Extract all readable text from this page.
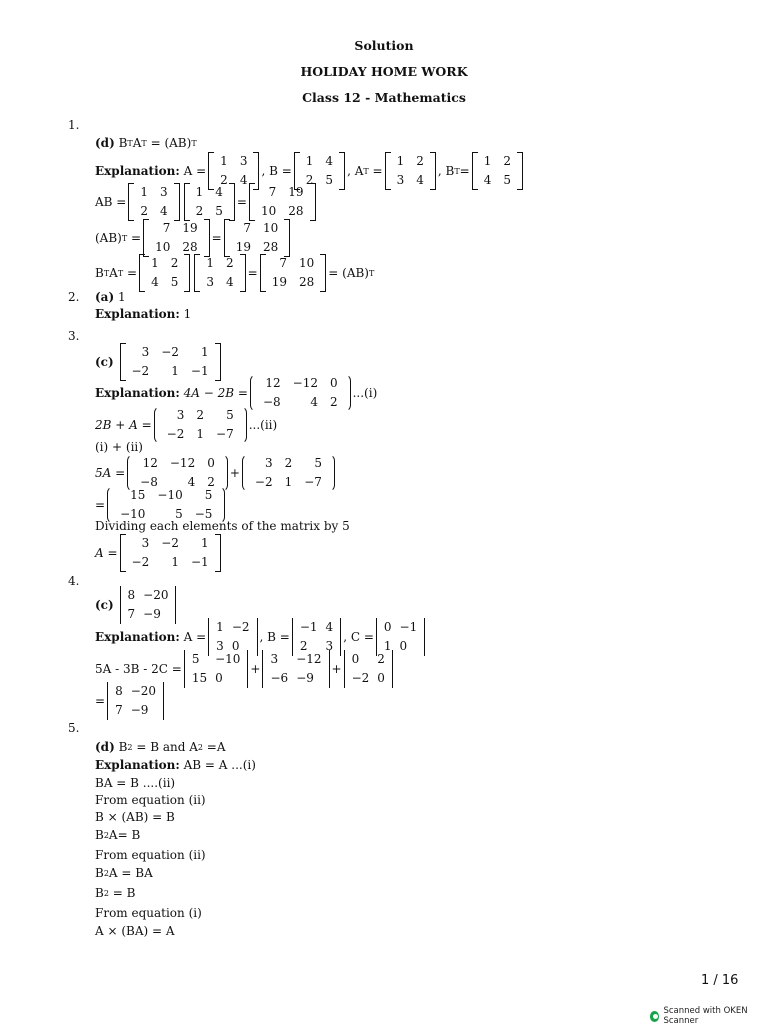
Solution
HOLIDAY HOME WORK
Class 12 - Mathematics
1.
(d)
B T A T
= (AB) T
Explanation:
A =
1	3
2	4
, B =
1	4
2	5
, A T
=
1	2
3	4
, B T =
1	2
4	5
AB =
1	3
2	4
1	4
2	5
=
7	19
10	28
(AB) T
=
7	19
10	28
=
7	10
19	28
B T A T
=
1	2
4	5
1	2
3	4
=
7	10
19	28
= (AB) T
2. (a)
1
Explanation:
1
3.
(c)

3	−2	1
−2	1	−1
Explanation:
4A − 2B =
12	−12	0
−8	4	2
...(i)
2B + A =
3	2	5
−2	1	−7
...(ii)
(i) + (ii)
5A =
12	−12	0
−8	4	2
+
3	2	5
−2	1	−7
=
15	−10	5
−10	5	−5
Dividing each elements of the matrix by 5
A =
3	−2	1
−2	1	−1
4.
(c)

8	−20
7	−9
Explanation:
A =
1	−2
3	0
, B =
−1	4
2	3
, C =
0	−1
1	0
5A - 3B - 2C =
5	−10
15	0
+
3	−12
−6	−9
+
0	2
−2	0
=
8	−20
7	−9
5.
(d)
B 2
= B and A 2
=A
Explanation:
AB = A ...(i)
BA = B ....(ii)
From equation (ii)
B × (AB) = B
B 2 A= B
From equation (ii)
B 2 A = BA
B 2
= B
From equation (i)
A × (BA) = A
1 / 16
Scanned with OKEN Scanner
